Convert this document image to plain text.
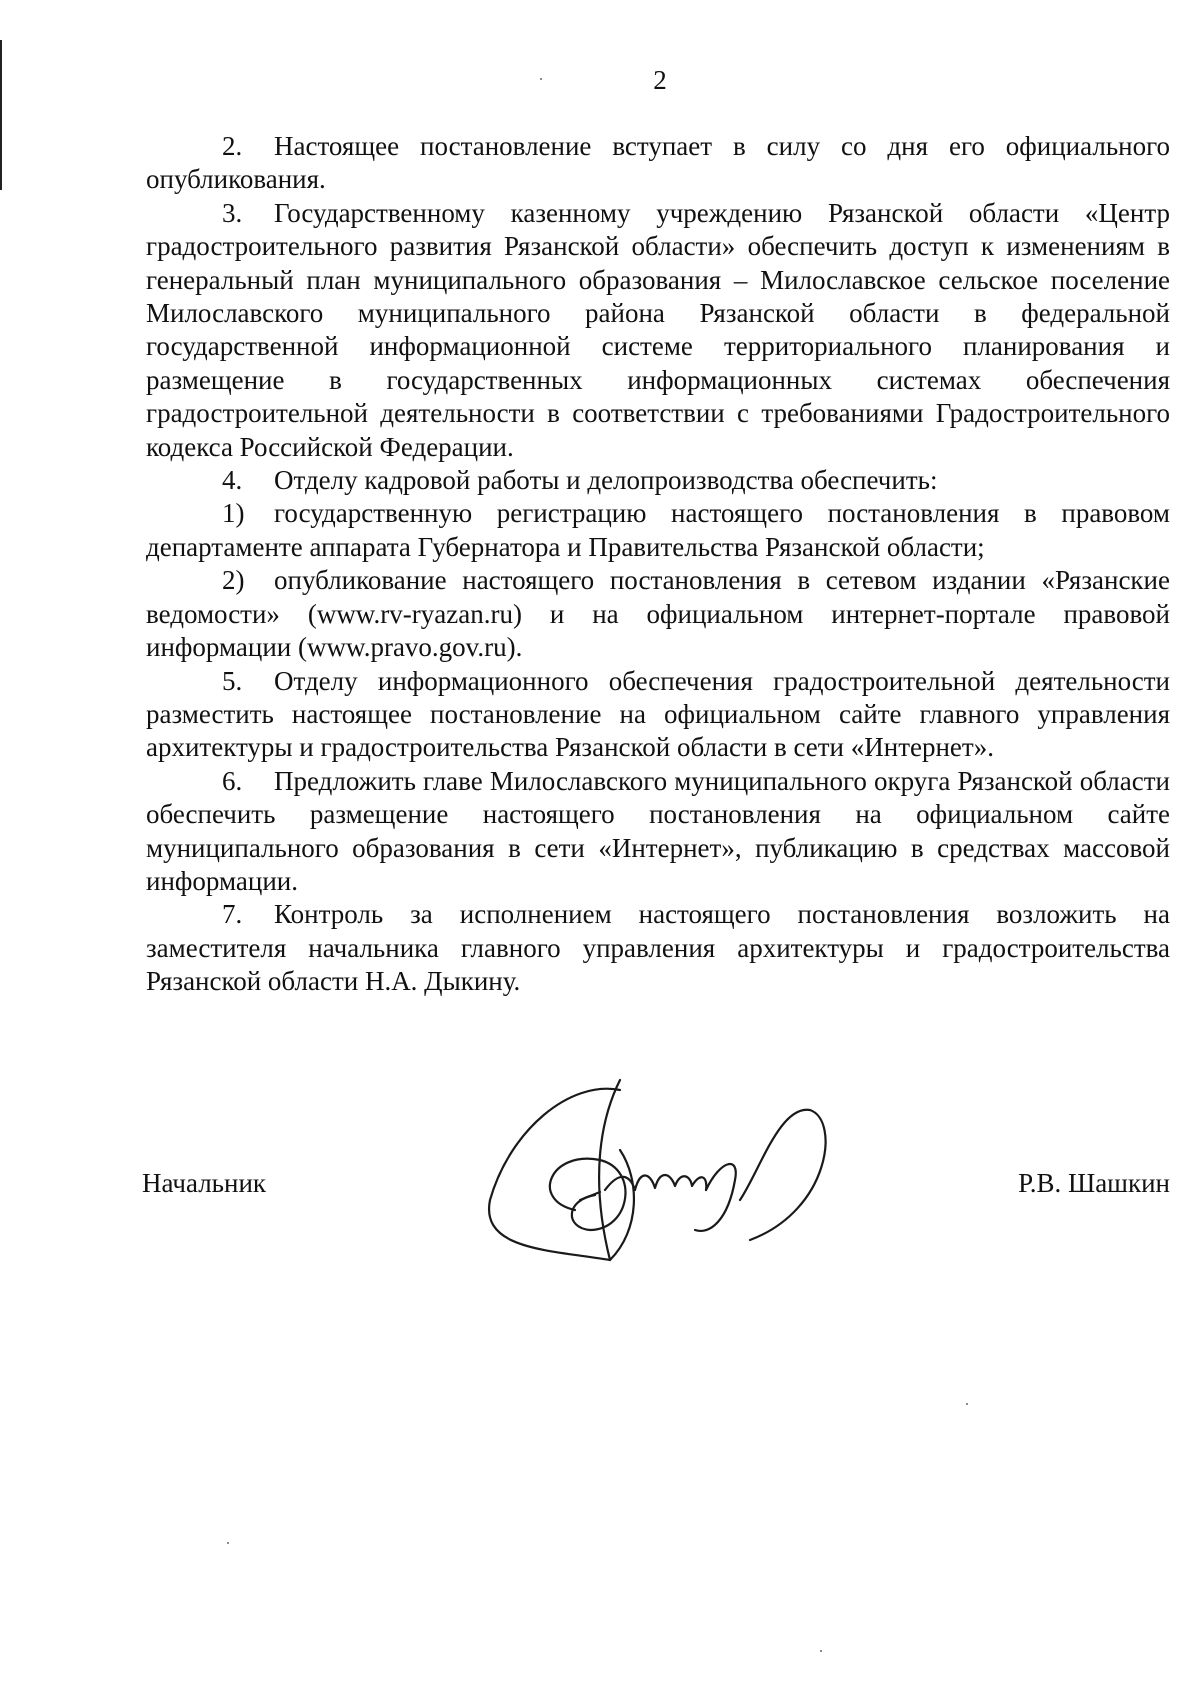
2

2. Настоящее постановление вступает в силу со дня его официального опубликования.

3. Государственному казенному учреждению Рязанской области «Центр градостроительного развития Рязанской области» обеспечить доступ к изменениям в генеральный план муниципального образования – Милославское сельское поселение Милославского муниципального района Рязанской области в федеральной государственной информационной системе территориального планирования и размещение в государственных информационных системах обеспечения градостроительной деятельности в соответствии с требованиями Градостроительного кодекса Российской Федерации.

4. Отделу кадровой работы и делопроизводства обеспечить:

1) государственную регистрацию настоящего постановления в правовом департаменте аппарата Губернатора и Правительства Рязанской области;

2) опубликование настоящего постановления в сетевом издании «Рязанские ведомости» (www.rv-ryazan.ru) и на официальном интернет-портале правовой информации (www.pravo.gov.ru).

5. Отделу информационного обеспечения градостроительной деятельности разместить настоящее постановление на официальном сайте главного управления архитектуры и градостроительства Рязанской области в сети «Интернет».

6. Предложить главе Милославского муниципального округа Рязанской области обеспечить размещение настоящего постановления на официальном сайте муниципального образования в сети «Интернет», публикацию в средствах массовой информации.

7. Контроль за исполнением настоящего постановления возложить на заместителя начальника главного управления архитектуры и градостроительства Рязанской области Н.А. Дыкину.

Начальник	Р.В. Шашкин
